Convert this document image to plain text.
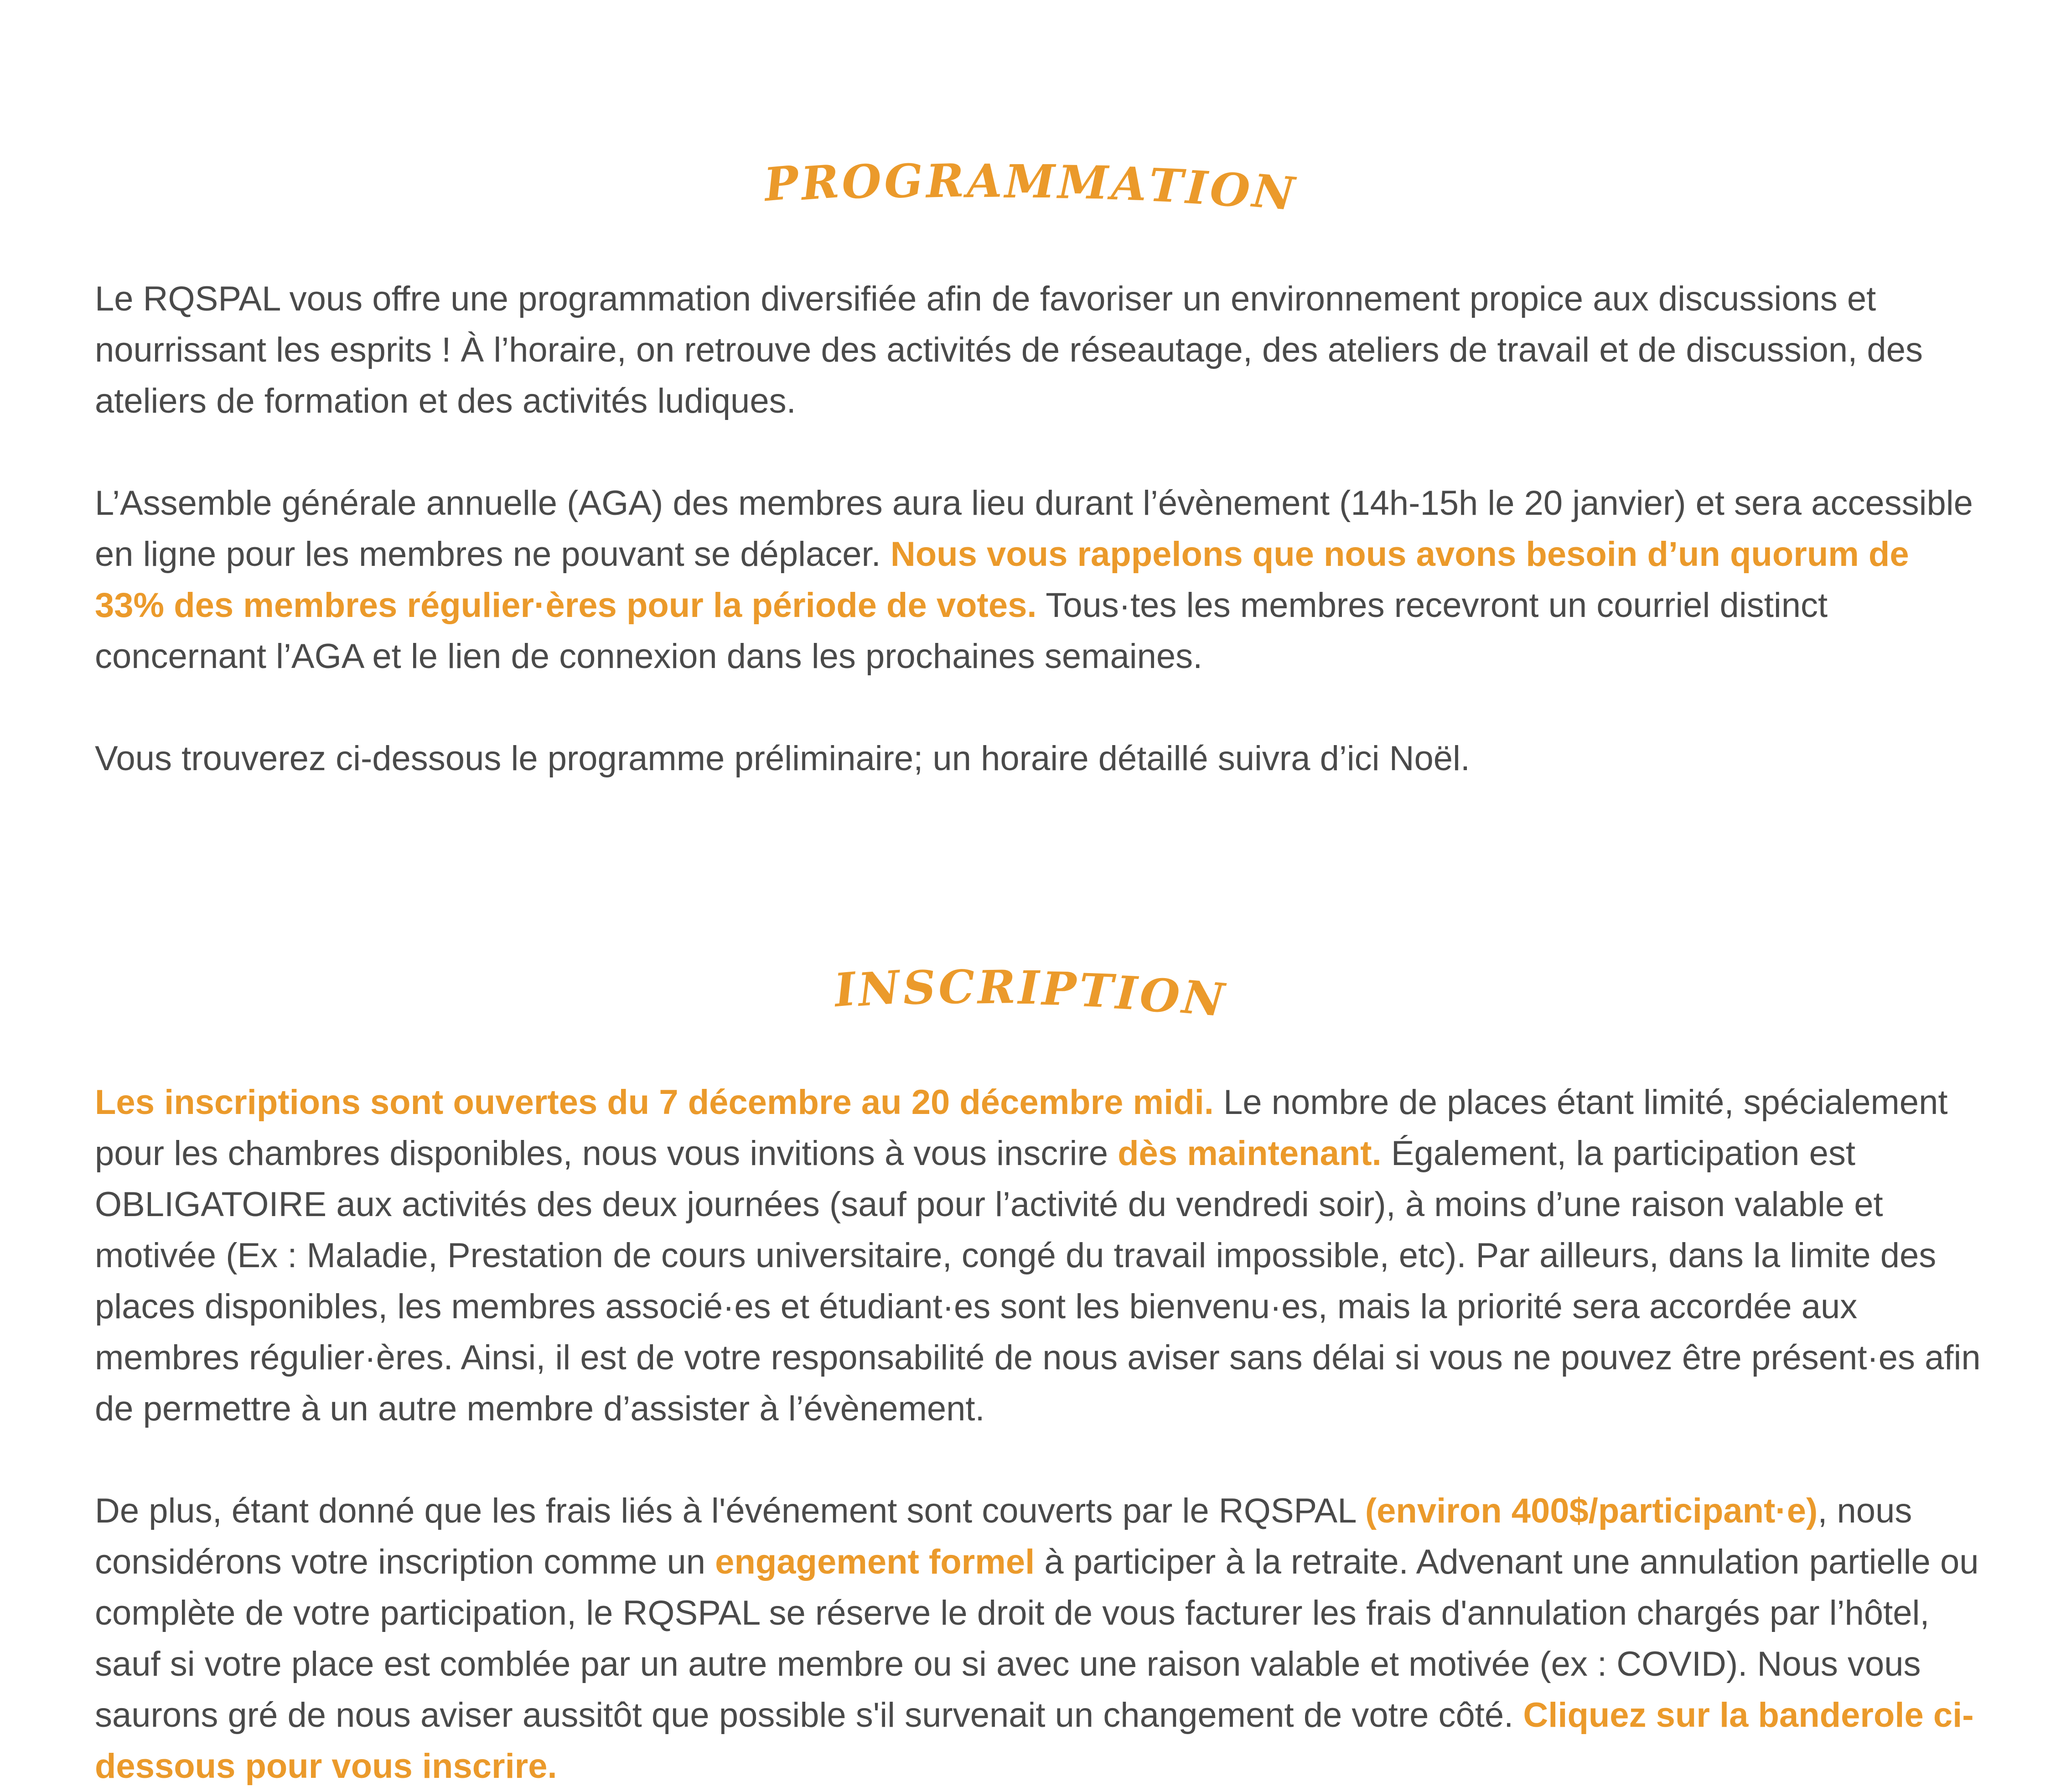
PROGRAMMATION

Le RQSPAL vous offre une programmation diversifiée afin de favoriser un environnement propice aux discussions et nourrissant les esprits ! À l’horaire, on retrouve des activités de réseautage, des ateliers de travail et de discussion, des ateliers de formation et des activités ludiques.

L’Assemble générale annuelle (AGA) des membres aura lieu durant l’évènement (14h-15h le 20 janvier) et sera accessible en ligne pour les membres ne pouvant se déplacer. Nous vous rappelons que nous avons besoin d’un quorum de 33% des membres régulier·ères pour la période de votes. Tous·tes les membres recevront un courriel distinct concernant l’AGA et le lien de connexion dans les prochaines semaines.

Vous trouverez ci-dessous le programme préliminaire; un horaire détaillé suivra d’ici Noël.

INSCRIPTION

Les inscriptions sont ouvertes du 7 décembre au 20 décembre midi. Le nombre de places étant limité, spécialement pour les chambres disponibles, nous vous invitions à vous inscrire dès maintenant. Également, la participation est OBLIGATOIRE aux activités des deux journées (sauf pour l’activité du vendredi soir), à moins d’une raison valable et motivée (Ex : Maladie, Prestation de cours universitaire, congé du travail impossible, etc). Par ailleurs, dans la limite des places disponibles, les membres associé·es et étudiant·es sont les bienvenu·es, mais la priorité sera accordée aux membres régulier·ères. Ainsi, il est de votre responsabilité de nous aviser sans délai si vous ne pouvez être présent·es afin de permettre à un autre membre d’assister à l’évènement.

De plus, étant donné que les frais liés à l'événement sont couverts par le RQSPAL (environ 400$/participant·e), nous considérons votre inscription comme un engagement formel à participer à la retraite. Advenant une annulation partielle ou complète de votre participation, le RQSPAL se réserve le droit de vous facturer les frais d'annulation chargés par l’hôtel, sauf si votre place est comblée par un autre membre ou si avec une raison valable et motivée (ex : COVID). Nous vous saurons gré de nous aviser aussitôt que possible s'il survenait un changement de votre côté. Cliquez sur la banderole ci-dessous pour vous inscrire.
